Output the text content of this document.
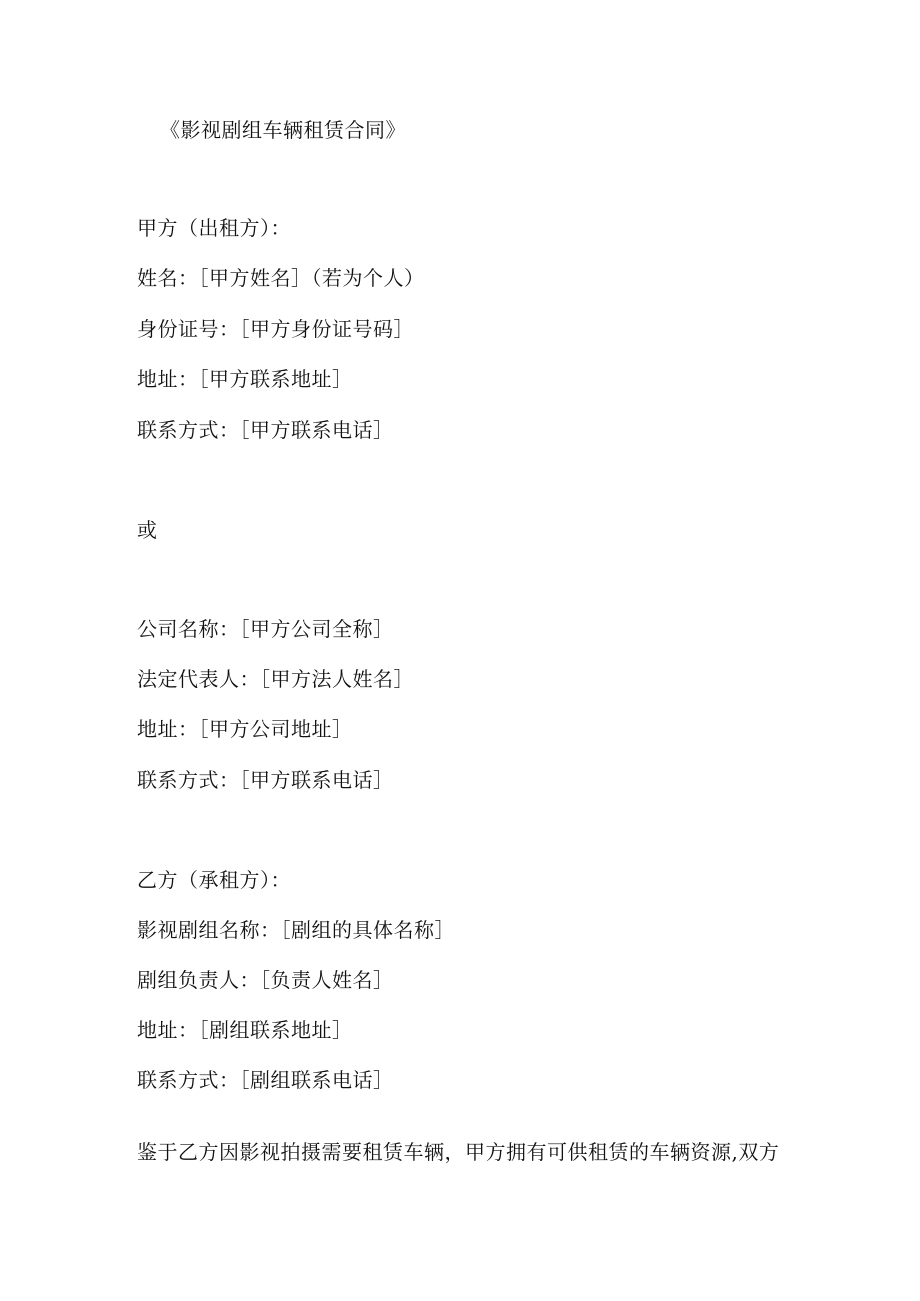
《影视剧组车辆租赁合同》
甲方（出租方）：
姓名：［甲方姓名］（若为个人）
身份证号：［甲方身份证号码］
地址：［甲方联系地址］
联系方式：［甲方联系电话］
或
公司名称：［甲方公司全称］
法定代表人：［甲方法人姓名］
地址：［甲方公司地址］
联系方式：［甲方联系电话］
乙方（承租方）：
影视剧组名称：［剧组的具体名称］
剧组负责人：［负责人姓名］
地址：［剧组联系地址］
联系方式：［剧组联系电话］
鉴于乙方因影视拍摄需要租赁车辆，甲方拥有可供租赁的车辆资源,双方
